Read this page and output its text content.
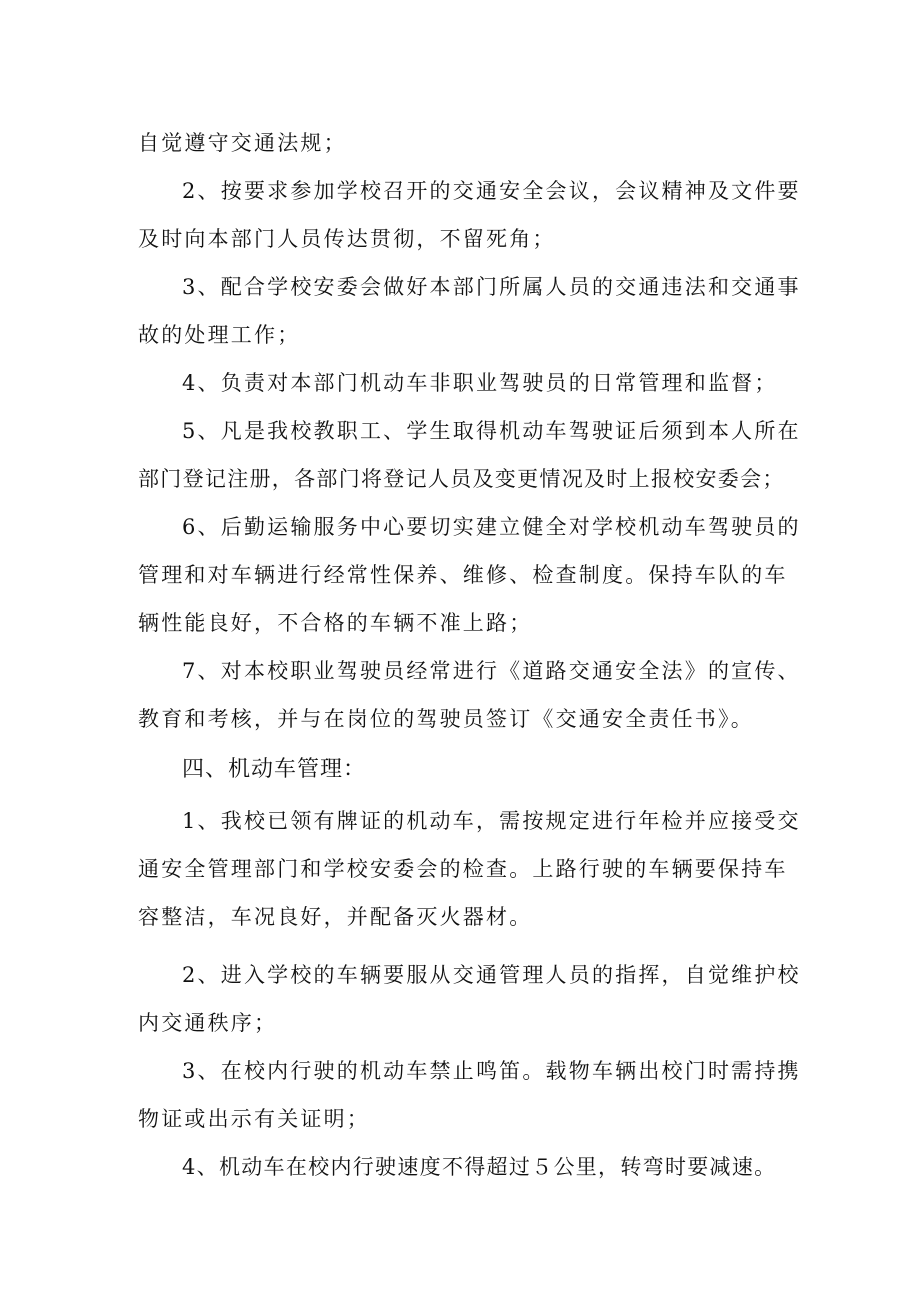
自觉遵守交通法规；
2、按要求参加学校召开的交通安全会议，会议精神及文件要
及时向本部门人员传达贯彻，不留死角；
3、配合学校安委会做好本部门所属人员的交通违法和交通事
故的处理工作；
4、负责对本部门机动车非职业驾驶员的日常管理和监督；
5、凡是我校教职工、学生取得机动车驾驶证后须到本人所在
部门登记注册，各部门将登记人员及变更情况及时上报校安委会；
6、后勤运输服务中心要切实建立健全对学校机动车驾驶员的
管理和对车辆进行经常性保养、维修、检查制度。保持车队的车
辆性能良好，不合格的车辆不准上路；
7、对本校职业驾驶员经常进行《道路交通安全法》的宣传、
教育和考核，并与在岗位的驾驶员签订《交通安全责任书》。
四、机动车管理：
1、我校已领有牌证的机动车，需按规定进行年检并应接受交
通安全管理部门和学校安委会的检查。上路行驶的车辆要保持车
容整洁，车况良好，并配备灭火器材。
2、进入学校的车辆要服从交通管理人员的指挥，自觉维护校
内交通秩序；
3、在校内行驶的机动车禁止鸣笛。载物车辆出校门时需持携
物证或出示有关证明；
4、机动车在校内行驶速度不得超过５公里，转弯时要减速。
